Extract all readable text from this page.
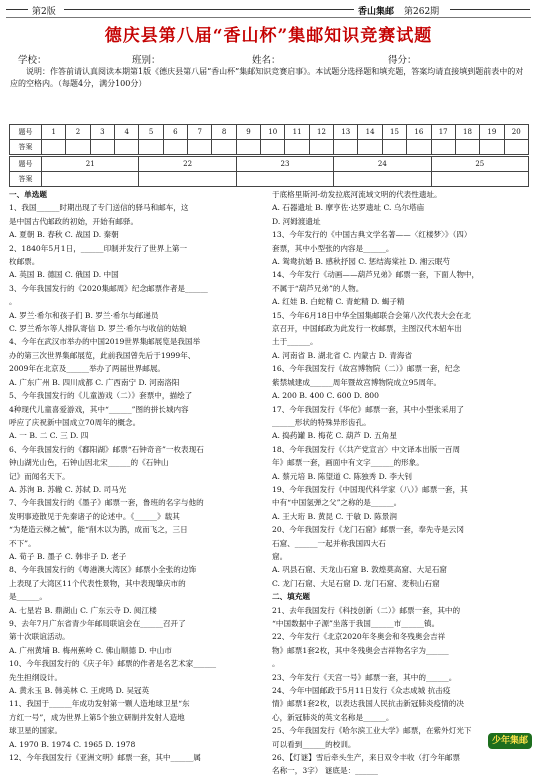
第2版	香山集邮 第262期
德庆县第八届“香山杯”集邮知识竞赛试题
学校：	班别：	姓名：	得分：
说明：作答前请认真阅读本期第1版《德庆县第八届“香山杯”集邮知识竞赛启事》。本试题分选择题和填充题，答案均请直接填到题前表中的对应的空格内。（每题4分，满分100分）
题号	1	2	3	4	5	6	7	8	9	10	11	12	13	14	15	16	17	18	19	20
答案																				
题号	21	22	23	24	25
答案					
一、单选题
1、我国______时期出现了专门送信的驿马和邮车，这
是中国古代邮政的初始，开始有邮驿。
A. 夏朝 B. 春秋 C. 战国 D. 秦朝
2、1840年5月1日，______印制并发行了世界上第一
枚邮票。
A. 英国 B. 德国 C. 俄国 D. 中国
3、今年我国发行的《2020集邮周》纪念邮票作者是______
。
A. 罗兰·希尔和孩子们 B. 罗兰·希尔与邮递员
C. 罗兰希尔等人排队寄信 D. 罗兰·希尔与收信的姑娘
4、今年在武汉市举办的中国2019世界集邮展览是我国举
办的第三次世界集邮展览，此前我国曾先后于1999年、
2009年在北京及______举办了两届世界邮展。
A. 广东广州 B. 四川成都 C. 广西南宁 D. 河南洛阳
5、今年我国发行的《儿童游戏（二）》套票中，描绘了
4种现代儿童喜爱游戏，其中“______”图的拼长城内容
呼应了庆祝新中国成立70周年的概念。
A. 一 B. 二 C. 三 D. 四
6、今年我国发行的《鄱阳湖》邮票“石钟奇音”一枚表现石
钟山湖光山色，石钟山因北宋______的《石钟山
记》而闻名天下。
A. 苏洵 B. 苏辙 C. 苏轼 D. 司马光
7、今年我国发行的《墨子》邮票一套，鲁班的名字与他的
发明事迹散见于先秦诸子的论述中。《______》载其
“为楚造云梯之械”，能“削木以为鹊，成而飞之，三日
不下”。
A. 荀子 B. 墨子 C. 韩非子 D. 老子
8、今年我国发行的《粤港澳大湾区》邮票小全张的边饰
上表现了大湾区11个代表性景物，其中表现肇庆市的
是______。
A. 七星岩 B. 鼎湖山 C. 广东云寺 D. 阅江楼
9、去年7月广东省青少年邮局联谊会在______召开了
第十次联谊活动。
A. 广州黄埔 B. 梅州蕉岭 C. 佛山顺德 D. 中山市
10、今年我国发行的《庆子年》邮票的作者是名艺术家______
先生担纲设计。
A. 黄永玉 B. 韩美林 C. 王虎鸣 D. 吴冠英
11、我国于______年成功发射第一颗人造地球卫星“东
方红一号”，成为世界上第5个独立研制并发射人造地
球卫星的国家。
A. 1970 B. 1974 C. 1965 D. 1978
12、今年我国发行《亚洲文明》邮票一套，其中______属
于底格里斯河-幼发拉底河流域文明的代表性遗址。
A. 石器遗址 B. 摩亨佐·达罗遗址 C. 乌尔塔庙
D. 河姆渡遗址
13、今年发行的《中国古典文学名著——〈红楼梦〉》（四）
套票，其中小型张的内容是______。
A. 鸳鸯抗婚 B. 感秋抒园 C. 惩结海棠社 D. 湘云眠芍
14、今年发行《动画——葫芦兄弟》邮票一套，下面人物中，
不属于“葫芦兄弟”的人物。
A. 红娃 B. 白蛇精 C. 青蛇精 D. 蝎子精
15、今年6月18日中华全国集邮联合会第八次代表大会在北
京召开，中国邮政为此发行一枚邮票，主图汉代木轺车出
土于______。
A. 河南省 B. 湖北省 C. 内蒙古 D. 青海省
16、今年我国发行《故宫博物院（二）》邮票一套，纪念
紫禁城建成______周年暨故宫博物院成立95周年。
A. 200 B. 400 C. 600 D. 800
17、今年我国发行《华佗》邮票一套，其中小型张采用了
______形状的特殊异形齿孔。
A. 捣药罐 B. 梅花 C. 葫芦 D. 五角星
18、今年我国发行《〈共产党宣言〉中文译本出版一百周
年》邮票一套，画面中有文字______的形象。
A. 蔡元培 B. 陈望道 C. 陈独秀 D. 李大钊
19、今年我国发行《中国现代科学家（八）》邮票一套，其
中有“中国氢弹之父”之称的是______。
A. 王大珩 B. 黄昆 C. 于敏 D. 陈景润
20、今年我国发行《龙门石窟》邮票一套，奉先寺是云冈
石窟、______一起并称我国四大石
窟。
A. 巩县石窟、天龙山石窟 B. 敦煌莫高窟、大足石窟
C. 龙门石窟、大足石窟 D. 龙门石窟、麦积山石窟
二、填充题
21、去年我国发行《科技创新（二）》邮票一套，其中的
“中国数据中子源”坐落于我国______市______镇。
22、今年发行《北京2020年冬奥会和冬残奥会吉祥
物》邮票1套2枚，其中冬残奥会吉祥物名字为______
。
23、今年发行《天宫一号》邮票一套，其中的______。
24、今年中国邮政于5月11日发行《众志成城 抗击疫
情》邮票1套2枚，以表达我国人民抗击新冠肺炎疫情的决
心，新冠肺炎的英文名称是______。
25、今年我国发行《哈尔滨工业大学》邮票，在紫外灯光下
可以看到______的校训。
26、【灯谜】雪后牵头生产，来日双令丰收（打今年邮票
名称一，3字） 谜底是：______
少年集邮
